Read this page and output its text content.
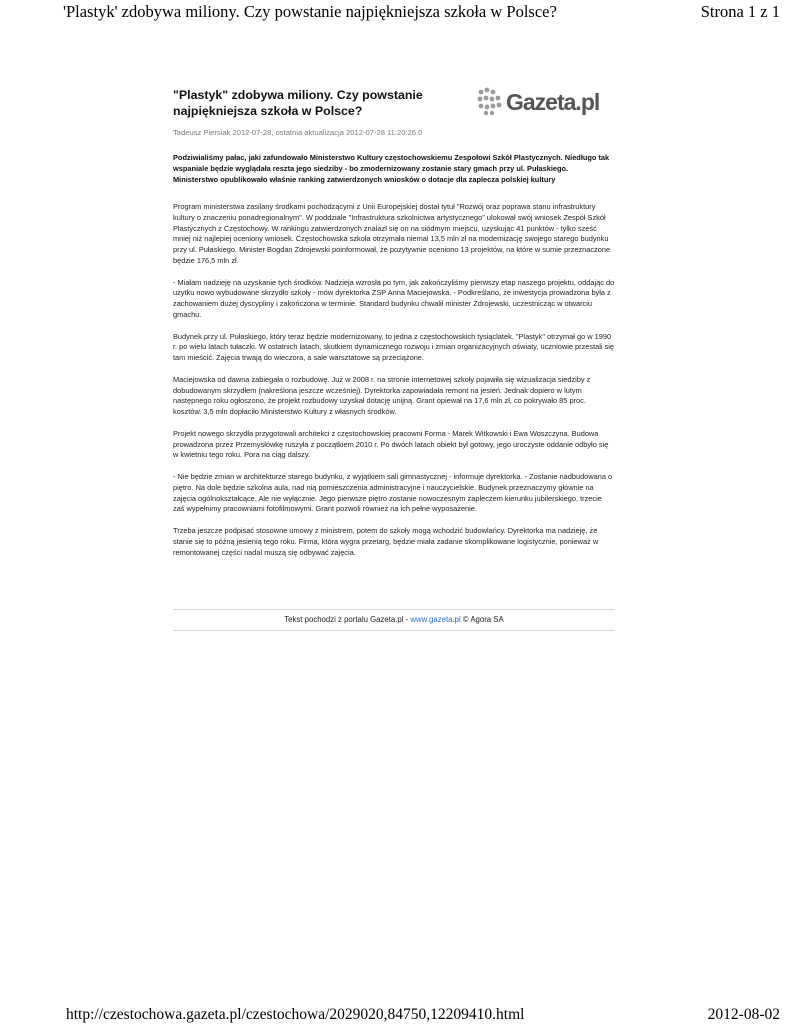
'Plastyk' zdobywa miliony. Czy powstanie najpiękniejsza szkoła w Polsce?	Strona 1 z 1
"Plastyk" zdobywa miliony. Czy powstanie najpiękniejsza szkoła w Polsce?
Tadeusz Piersiak 2012-07-28, ostatnia aktualizacja 2012-07-28 11:20:26.0
Gazeta.pl

Podziwialiśmy pałac, jaki zafundowało Ministerstwo Kultury częstochowskiemu Zespołowi Szkół Plastycznych. Niedługo tak wspaniale będzie wyglądała reszta jego siedziby - bo zmodernizowany zostanie stary gmach przy ul. Pułaskiego. Ministerstwo opublikowało właśnie ranking zatwierdzonych wniosków o dotacje dla zaplecza polskiej kultury

Program ministerstwa zasilany środkami pochodzącymi z Unii Europejskiej dostał tytuł "Rozwój oraz poprawa stanu infrastruktury kultury o znaczeniu ponadregionalnym". W poddziale "Infrastruktura szkolnictwa artystycznego" ulokował swój wniosek Zespół Szkół Plastycznych z Częstochowy. W rankingu zatwierdzonych znalazł się on na siódmym miejscu, uzyskując 41 punktów - tylko sześć mniej niż najlepiej oceniony wniosek. Częstochowska szkoła otrzymała niemal 13,5 mln zł na modernizację swojego starego budynku przy ul. Pułaskiego. Minister Bogdan Zdrojewski poinformował, że pozytywnie oceniono 13 projektów, na które w sumie przeznaczone będzie 176,5 mln zł.

- Miałam nadzieję na uzyskanie tych środków. Nadzieja wzrosła po tym, jak zakończyliśmy pierwszy etap naszego projektu, oddając do użytku nowo wybudowane skrzydło szkoły - mów dyrektorka ZSP Anna Maciejowska. - Podkreślano, że inwestycja prowadzona była z zachowaniem dużej dyscypliny i zakończona w terminie. Standard budynku chwalił minister Zdrojewski, uczestnicząc w otwarciu gmachu.

Budynek przy ul. Pułaskiego, który teraz będzie modernizowany, to jedna z częstochowskich tysiąclatek. "Plastyk" otrzymał go w 1990 r. po wielu latach tułaczki. W ostatnich latach, skutkiem dynamicznego rozwoju i zmian organizacyjnych oświaty, uczniowie przestali się tam mieścić. Zajęcia trwają do wieczora, a sale warsztatowe są przeciążone.

Maciejowska od dawna zabiegała o rozbudowę. Już w 2008 r. na stronie internetowej szkoły pojawiła się wizualizacja siedziby z dobudowanym skrzydłem (nakreślona jeszcze wcześniej). Dyrektorka zapowiadała remont na jesień. Jednak dopiero w lutym następnego roku ogłoszono, że projekt rozbudowy uzyskał dotację unijną. Grant opiewał na 17,6 mln zł, co pokrywało 85 proc. kosztów. 3,5 mln dopłaciło Ministerstwo Kultury z własnych środków.

Projekt nowego skrzydła przygotowali architekci z częstochowskiej pracowni Forma - Marek Witkowski i Ewa Woszczyna. Budowa prowadzona przez Przemysłówkę ruszyła z początkiem 2010 r. Po dwóch latach obiekt był gotowy, jego uroczyste oddanie odbyło się w kwietniu tego roku. Pora na ciąg dalszy.

- Nie będzie zmian w architekturze starego budynku, z wyjątkiem sali gimnastycznej - informuje dyrektorka. - Zostanie nadbudowana o piętro. Na dole będzie szkolna aula, nad nią pomieszczenia administracyjne i nauczycielskie. Budynek przeznaczymy głównie na zajęcia ogólnokształcące. Ale nie wyłącznie. Jego pierwsze piętro zostanie nowoczesnym zapleczem kierunku jubilerskiego, trzecie zaś wypełnimy pracowniami fotofilmowymi. Grant pozwoli również na ich pełne wyposażenie.

Trzeba jeszcze podpisać stosowne umowy z ministrem, potem do szkoły mogą wchodzić budowlańcy. Dyrektorka ma nadzieję, że stanie się to późną jesienią tego roku. Firma, która wygra przetarg, będzie miała zadanie skomplikowane logistycznie, ponieważ w remontowanej części nadal muszą się odbywać zajęcia.

Tekst pochodzi z portalu Gazeta.pl - www.gazeta.pl © Agora SA
http://czestochowa.gazeta.pl/czestochowa/2029020,84750,12209410.html	2012-08-02
